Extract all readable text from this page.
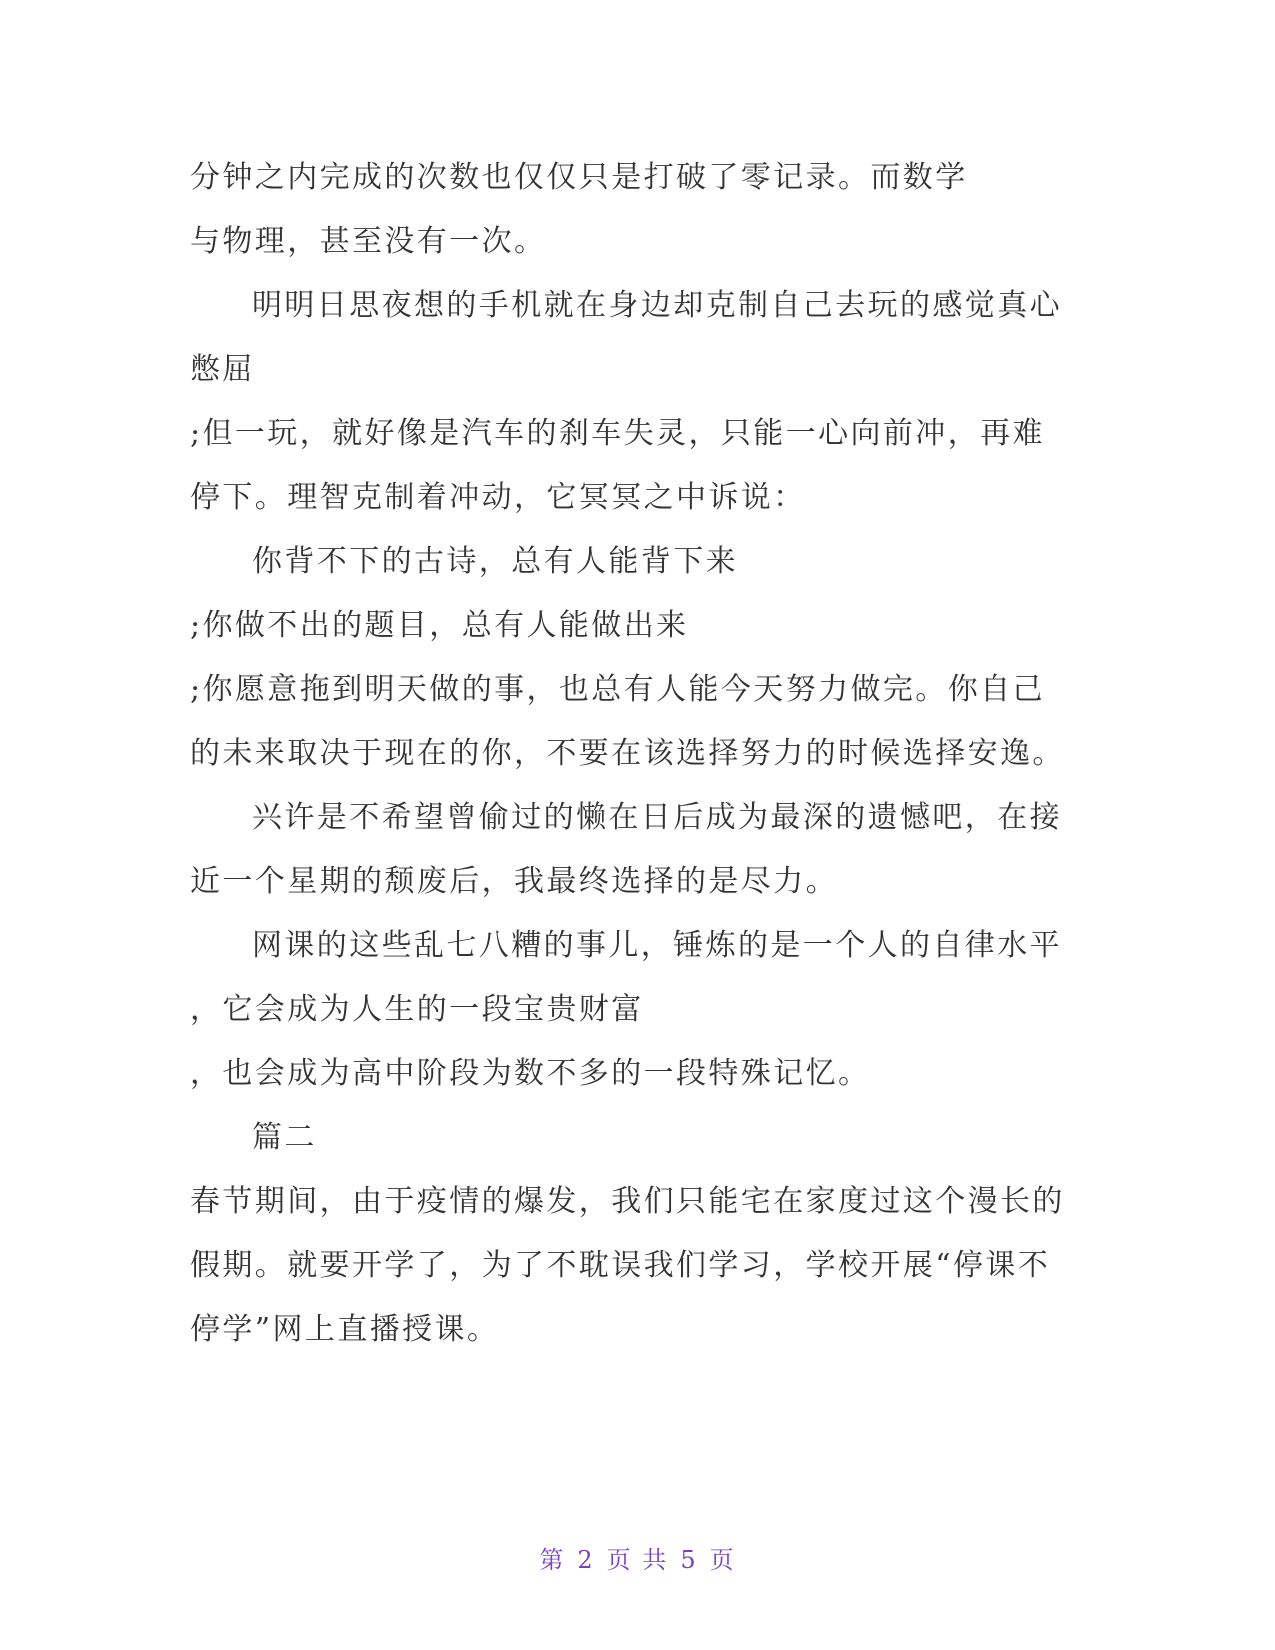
分钟之内完成的次数也仅仅只是打破了零记录。而数学
与物理，甚至没有一次。
明明日思夜想的手机就在身边却克制自己去玩的感觉真心
憋屈
;但一玩，就好像是汽车的刹车失灵，只能一心向前冲，再难
停下。理智克制着冲动，它冥冥之中诉说：
你背不下的古诗，总有人能背下来
;你做不出的题目，总有人能做出来
;你愿意拖到明天做的事，也总有人能今天努力做完。你自己
的未来取决于现在的你，不要在该选择努力的时候选择安逸。
兴许是不希望曾偷过的懒在日后成为最深的遗憾吧，在接
近一个星期的颓废后，我最终选择的是尽力。
网课的这些乱七八糟的事儿，锤炼的是一个人的自律水平
，它会成为人生的一段宝贵财富
，也会成为高中阶段为数不多的一段特殊记忆。
篇二
春节期间，由于疫情的爆发，我们只能宅在家度过这个漫长的
假期。就要开学了，为了不耽误我们学习，学校开展“停课不
停学”网上直播授课。
第 2 页 共 5 页
